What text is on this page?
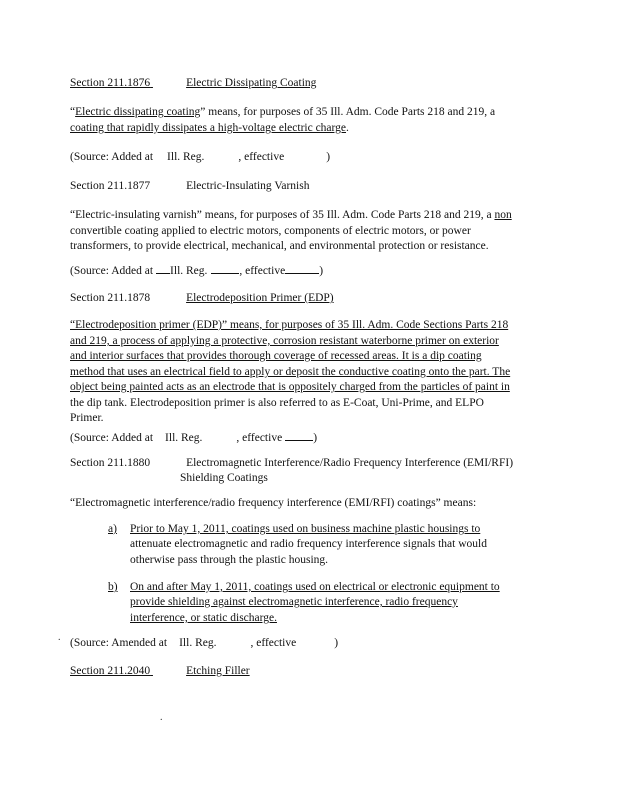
Section 211.1876	Electric Dissipating Coating
“Electric dissipating coating” means, for purposes of 35 Ill. Adm. Code Parts 218 and 219, a
coating that rapidly dissipates a high-voltage electric charge.
(Source: Added at Ill. Reg.	, effective	)
Section 211.1877	Electric-Insulating Varnish
“Electric-insulating varnish” means, for purposes of 35 Ill. Adm. Code Parts 218 and 219, a non
convertible coating applied to electric motors, components of electric motors, or power
transformers, to provide electrical, mechanical, and environmental protection or resistance.
(Source: Added at Ill. Reg.	, effective	)
Section 211.1878	Electrodeposition Primer (EDP)
“Electrodeposition primer (EDP)” means, for purposes of 35 Ill. Adm. Code Sections Parts 218
and 219, a process of applying a protective, corrosion resistant waterborne primer on exterior
and interior surfaces that provides thorough coverage of recessed areas. It is a dip coating
method that uses an electrical field to apply or deposit the conductive coating onto the part. The
object being painted acts as an electrode that is oppositely charged from the particles of paint in
the dip tank. Electrodeposition primer is also referred to as E-Coat, Uni-Prime, and ELPO
Primer.
(Source: Added at Ill. Reg.	, effective	)
Section 211.1880	Electromagnetic Interference/Radio Frequency Interference (EMI/RFI)
Shielding Coatings
“Electromagnetic interference/radio frequency interference (EMI/RFI) coatings” means:
a) Prior to May 1, 2011, coatings used on business machine plastic housings to
attenuate electromagnetic and radio frequency interference signals that would
otherwise pass through the plastic housing.
b) On and after May 1, 2011, coatings used on electrical or electronic equipment to
provide shielding against electromagnetic interference, radio frequency
interference, or static discharge.
. (Source: Amended at Ill. Reg.	, effective	)
Section 211.2040	Etching Filler
.
